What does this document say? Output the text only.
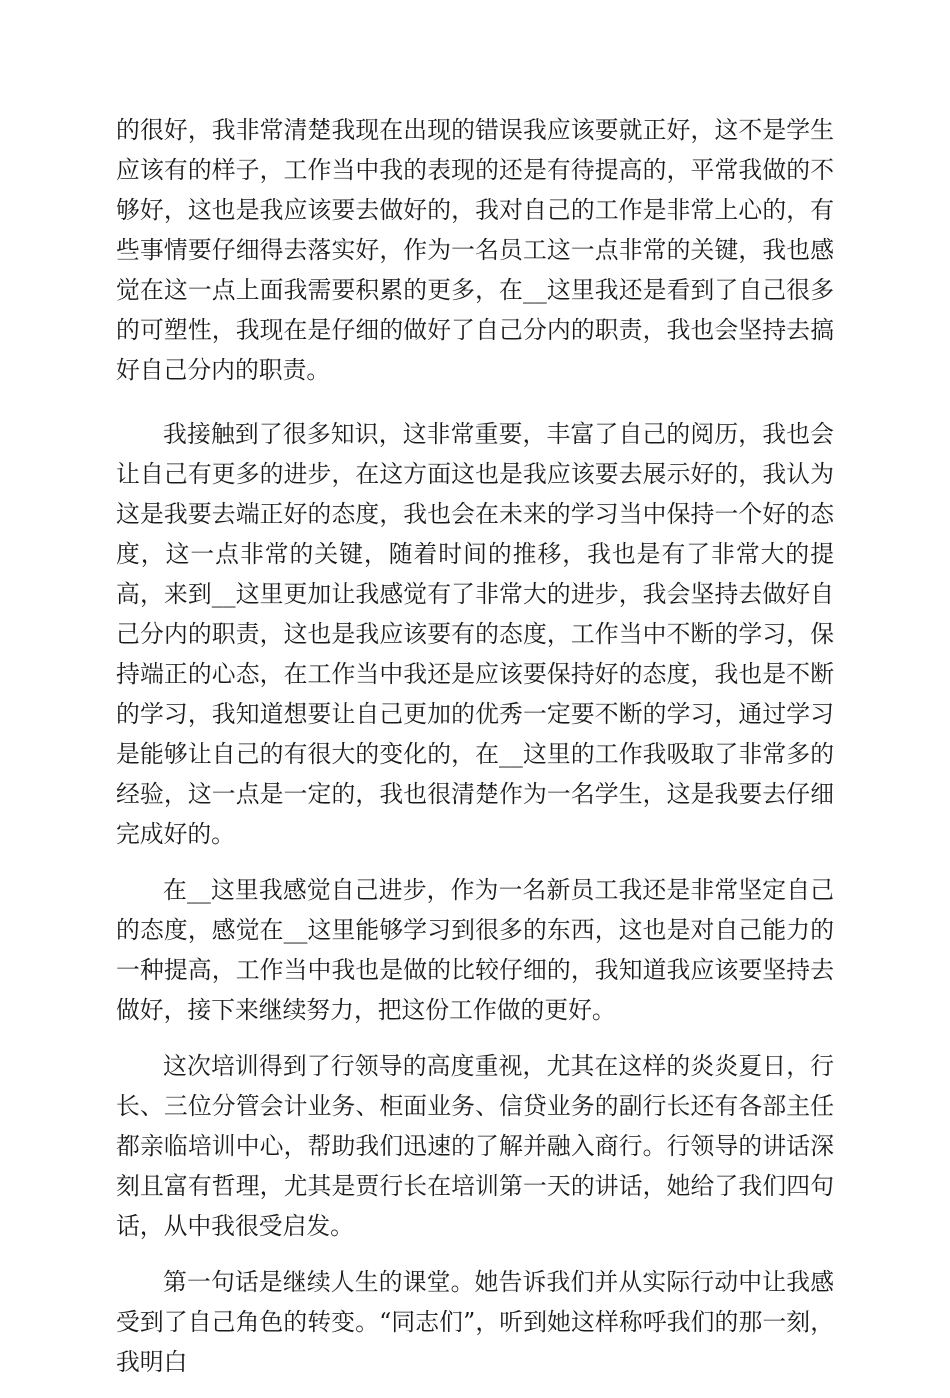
的很好，我非常清楚我现在出现的错误我应该要就正好，这不是学生应该有的样子，工作当中我的表现的还是有待提高的，平常我做的不够好，这也是我应该要去做好的，我对自己的工作是非常上心的，有些事情要仔细得去落实好，作为一名员工这一点非常的关键，我也感觉在这一点上面我需要积累的更多，在__这里我还是看到了自己很多的可塑性，我现在是仔细的做好了自己分内的职责，我也会坚持去搞好自己分内的职责。

我接触到了很多知识，这非常重要，丰富了自己的阅历，我也会让自己有更多的进步，在这方面这也是我应该要去展示好的，我认为这是我要去端正好的态度，我也会在未来的学习当中保持一个好的态度，这一点非常的关键，随着时间的推移，我也是有了非常大的提高，来到__这里更加让我感觉有了非常大的进步，我会坚持去做好自己分内的职责，这也是我应该要有的态度，工作当中不断的学习，保持端正的心态，在工作当中我还是应该要保持好的态度，我也是不断的学习，我知道想要让自己更加的优秀一定要不断的学习，通过学习是能够让自己的有很大的变化的，在__这里的工作我吸取了非常多的经验，这一点是一定的，我也很清楚作为一名学生，这是我要去仔细完成好的。

在__这里我感觉自己进步，作为一名新员工我还是非常坚定自己的态度，感觉在__这里能够学习到很多的东西，这也是对自己能力的一种提高，工作当中我也是做的比较仔细的，我知道我应该要坚持去做好，接下来继续努力，把这份工作做的更好。

这次培训得到了行领导的高度重视，尤其在这样的炎炎夏日，行长、三位分管会计业务、柜面业务、信贷业务的副行长还有各部主任都亲临培训中心，帮助我们迅速的了解并融入商行。行领导的讲话深刻且富有哲理，尤其是贾行长在培训第一天的讲话，她给了我们四句话，从中我很受启发。

第一句话是继续人生的课堂。她告诉我们并从实际行动中让我感受到了自己角色的转变。“同志们”，听到她这样称呼我们的那一刻，我明白
